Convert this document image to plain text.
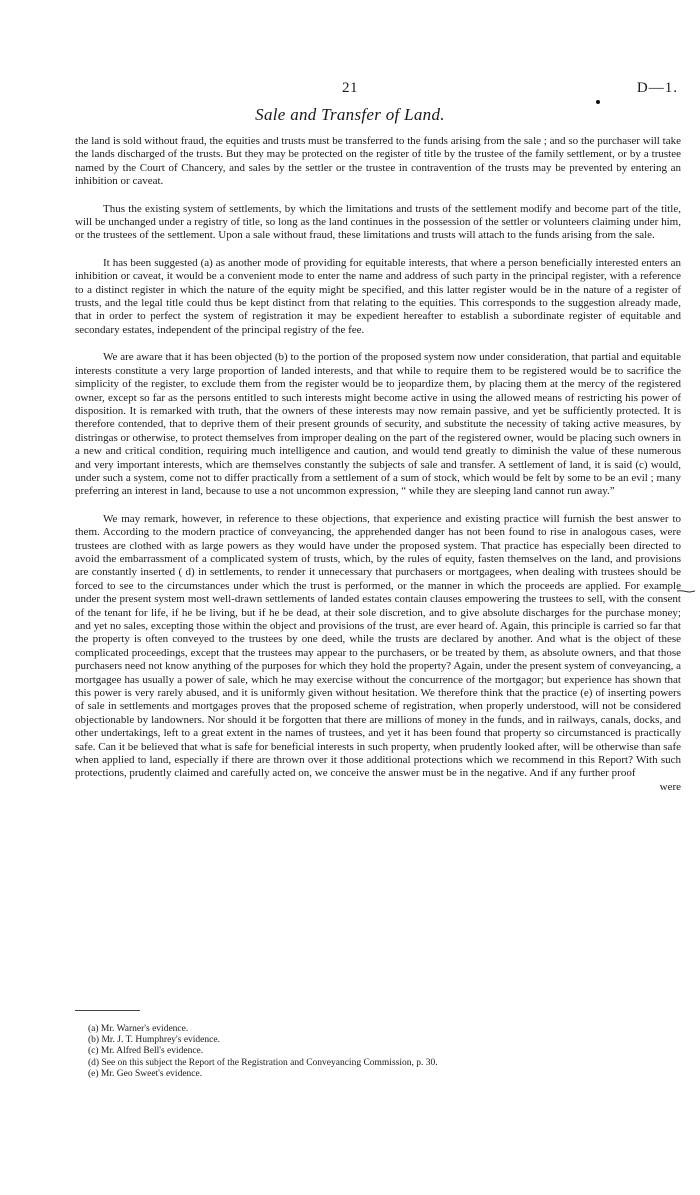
21	D—1.
Sale and Transfer of Land.

the land is sold without fraud, the equities and trusts must be transferred to the funds arising from the sale ; and so the purchaser will take the lands discharged of the trusts. But they may be protected on the register of title by the trustee of the family settlement, or by a trustee named by the Court of Chancery, and sales by the settler or the trustee in contravention of the trusts may be prevented by entering an inhibition or caveat.

Thus the existing system of settlements, by which the limitations and trusts of the settlement modify and become part of the title, will be unchanged under a registry of title, so long as the land continues in the possession of the settler or volunteers claiming under him, or the trustees of the settlement. Upon a sale without fraud, these limitations and trusts will attach to the funds arising from the sale.

It has been suggested (a) as another mode of providing for equitable interests, that where a person beneficially interested enters an inhibition or caveat, it would be a convenient mode to enter the name and address of such party in the principal register, with a reference to a distinct register in which the nature of the equity might be specified, and this latter register would be in the nature of a register of trusts, and the legal title could thus be kept distinct from that relating to the equities. This corresponds to the suggestion already made, that in order to perfect the system of registration it may be expedient hereafter to establish a subordinate register of equitable and secondary estates, independent of the principal registry of the fee.

We are aware that it has been objected (b) to the portion of the proposed system now under consideration, that partial and equitable interests constitute a very large proportion of landed interests, and that while to require them to be registered would be to sacrifice the simplicity of the register, to exclude them from the register would be to jeopardize them, by placing them at the mercy of the registered owner, except so far as the persons entitled to such interests might become active in using the allowed means of restricting his power of disposition. It is remarked with truth, that the owners of these interests may now remain passive, and yet be sufficiently protected. It is therefore contended, that to deprive them of their present grounds of security, and substitute the necessity of taking active measures, by distringas or otherwise, to protect themselves from improper dealing on the part of the registered owner, would be placing such owners in a new and critical condition, requiring much intelligence and caution, and would tend greatly to diminish the value of these numerous and very important interests, which are themselves constantly the subjects of sale and transfer. A settlement of land, it is said (c) would, under such a system, come not to differ practically from a settlement of a sum of stock, which would be felt by some to be an evil ; many preferring an interest in land, because to use a not uncommon expression, “ while they are sleeping land cannot run away.”

We may remark, however, in reference to these objections, that experience and existing practice will furnish the best answer to them. According to the modern practice of conveyancing, the apprehended danger has not been found to rise in analogous cases, were trustees are clothed with as large powers as they would have under the proposed system. That practice has especially been directed to avoid the embarrassment of a complicated system of trusts, which, by the rules of equity, fasten themselves on the land, and provisions are constantly inserted ( d) in settlements, to render it unnecessary that purchasers or mortgagees, when dealing with trustees should be forced to see to the circumstances under which the trust is performed, or the manner in which the proceeds are applied. For example under the present system most well-drawn settlements of landed estates contain clauses empowering the trustees to sell, with the consent of the tenant for life, if he be living, but if he be dead, at their sole discretion, and to give absolute discharges for the purchase money; and yet no sales, excepting those within the object and provisions of the trust, are ever heard of. Again, this principle is carried so far that the property is often conveyed to the trustees by one deed, while the trusts are declared by another. And what is the object of these complicated proceedings, except that the trustees may appear to the purchasers, or be treated by them, as absolute owners, and that those purchasers need not know anything of the purposes for which they hold the property? Again, under the present system of conveyancing, a mortgagee has usually a power of sale, which he may exercise without the concurrence of the mortgagor; but experience has shown that this power is very rarely abused, and it is uniformly given without hesitation. We therefore think that the practice (e) of inserting powers of sale in settlements and mortgages proves that the proposed scheme of registration, when properly understood, will not be considered objectionable by landowners. Nor should it be forgotten that there are millions of money in the funds, and in railways, canals, docks, and other undertakings, left to a great extent in the names of trustees, and yet it has been found that property so circumstanced is practically safe. Can it be believed that what is safe for beneficial interests in such property, when prudently looked after, will be otherwise than safe when applied to land, especially if there are thrown over it those additional protections which we recommend in this Report? With such protections, prudently claimed and carefully acted on, we conceive the answer must be in the negative. And if any further proof

were
(a) Mr. Warner's evidence.
(b) Mr. J. T. Humphrey's evidence.
(c) Mr. Alfred Bell's evidence.
(d) See on this subject the Report of the Registration and Conveyancing Commission, p. 30.
(e) Mr. Geo Sweet's evidence.
